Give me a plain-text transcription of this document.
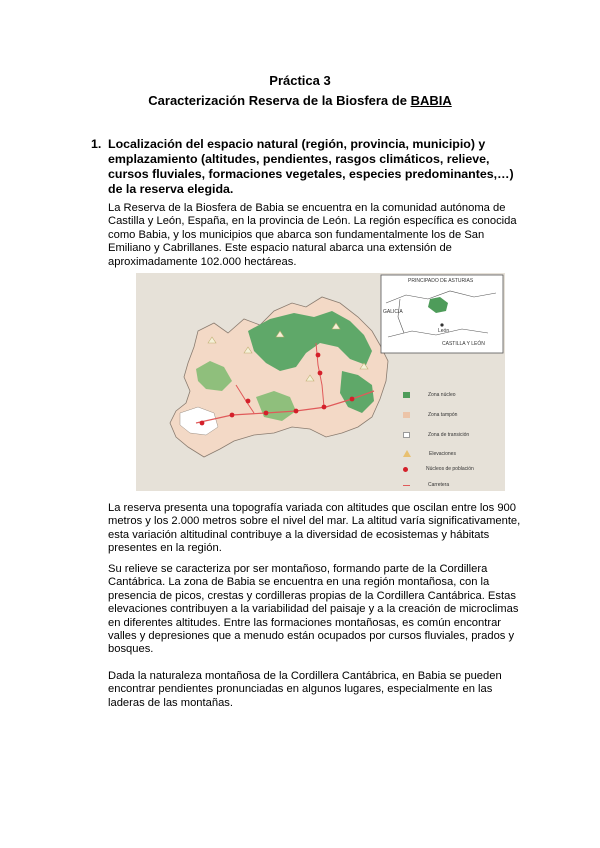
Práctica 3
Caracterización Reserva de la Biosfera de BABIA
1. Localización del espacio natural (región, provincia, municipio) y emplazamiento (altitudes, pendientes, rasgos climáticos, relieve, cursos fluviales, formaciones vegetales, especies predominantes,…) de la reserva elegida.
La Reserva de la Biosfera de Babia se encuentra en la comunidad autónoma de Castilla y León, España, en la provincia de León. La región específica es conocida como Babia, y los municipios que abarca son fundamentalmente los de San Emiliano y Cabrillanes. Este espacio natural abarca una extensión de aproximadamente 102.000 hectáreas.
PRINCIPADO DE ASTURIAS
GALICIA
León
CASTILLA Y LEÓN
Zona núcleo
Zona tampón
Zona de transición
Elevaciones
Núcleos de población
Carretera
La reserva presenta una topografía variada con altitudes que oscilan entre los 900 metros y los 2.000 metros sobre el nivel del mar. La altitud varía significativamente, esta variación altitudinal contribuye a la diversidad de ecosistemas y hábitats presentes en la región.
Su relieve se caracteriza por ser montañoso, formando parte de la Cordillera Cantábrica. La zona de Babia se encuentra en una región montañosa, con la presencia de picos, crestas y cordilleras propias de la Cordillera Cantábrica. Estas elevaciones contribuyen a la variabilidad del paisaje y a la creación de microclimas en diferentes altitudes. Entre las formaciones montañosas, es común encontrar valles y depresiones que a menudo están ocupados por cursos fluviales, prados y bosques.
Dada la naturaleza montañosa de la Cordillera Cantábrica, en Babia se pueden encontrar pendientes pronunciadas en algunos lugares, especialmente en las laderas de las montañas.
